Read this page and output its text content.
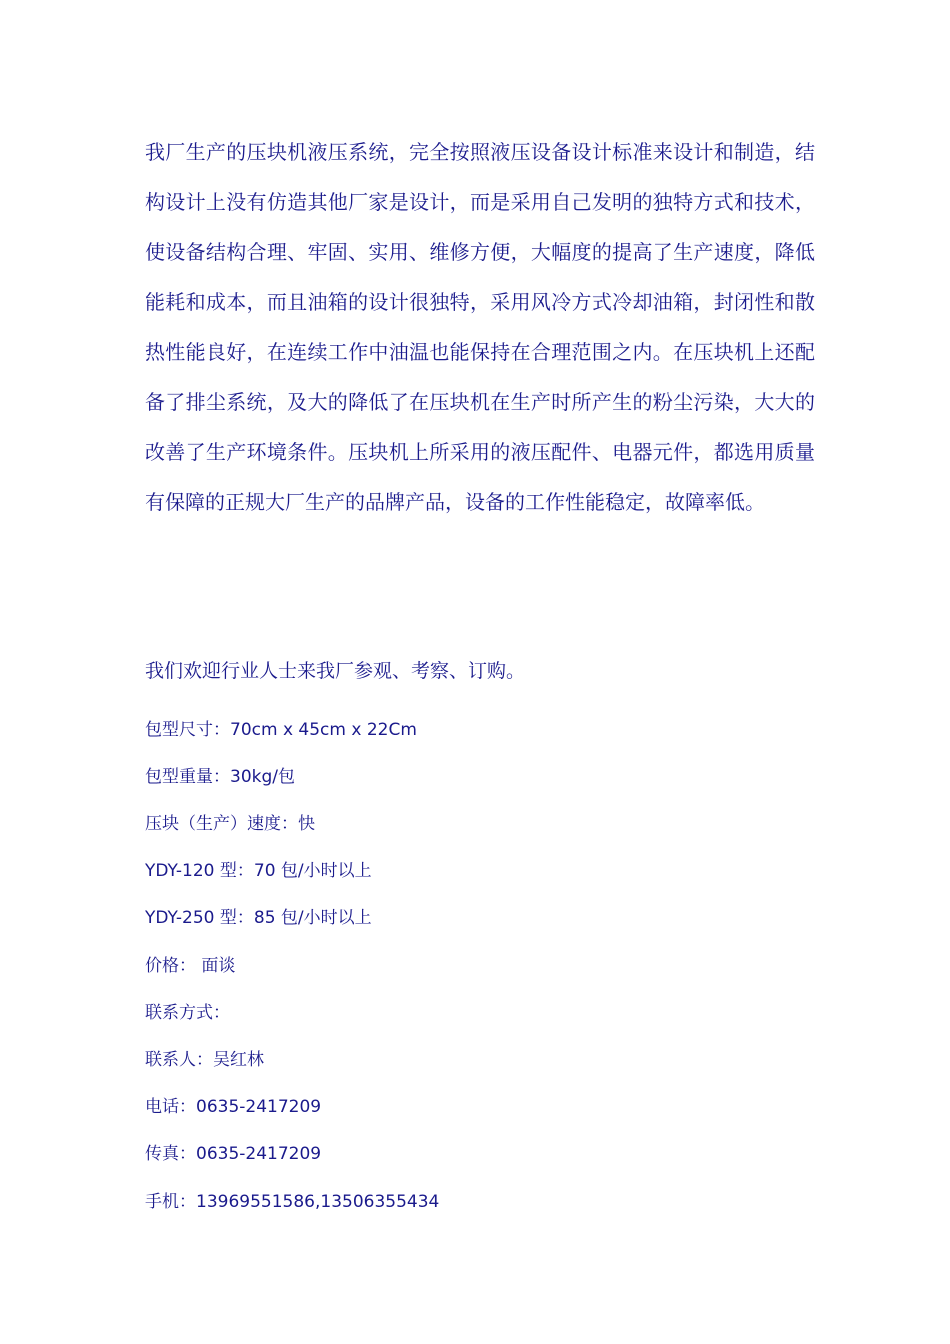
我厂生产的压块机液压系统，完全按照液压设备设计标准来设计和制造，结构设计上没有仿造其他厂家是设计，而是采用自己发明的独特方式和技术，使设备结构合理、牢固、实用、维修方便，大幅度的提高了生产速度，降低能耗和成本，而且油箱的设计很独特，采用风冷方式冷却油箱，封闭性和散热性能良好，在连续工作中油温也能保持在合理范围之内。在压块机上还配备了排尘系统，及大的降低了在压块机在生产时所产生的粉尘污染，大大的改善了生产环境条件。压块机上所采用的液压配件、电器元件，都选用质量有保障的正规大厂生产的品牌产品，设备的工作性能稳定，故障率低。

我们欢迎行业人士来我厂参观、考察、订购。

包型尺寸：70cm x 45cm x 22Cm

包型重量：30kg/包

压块（生产）速度：快

YDY-120 型：70 包/小时以上

YDY-250 型：85 包/小时以上

价格： 面谈

联系方式：

联系人：吴红林

电话：0635-2417209

传真：0635-2417209

手机：13969551586,13506355434
